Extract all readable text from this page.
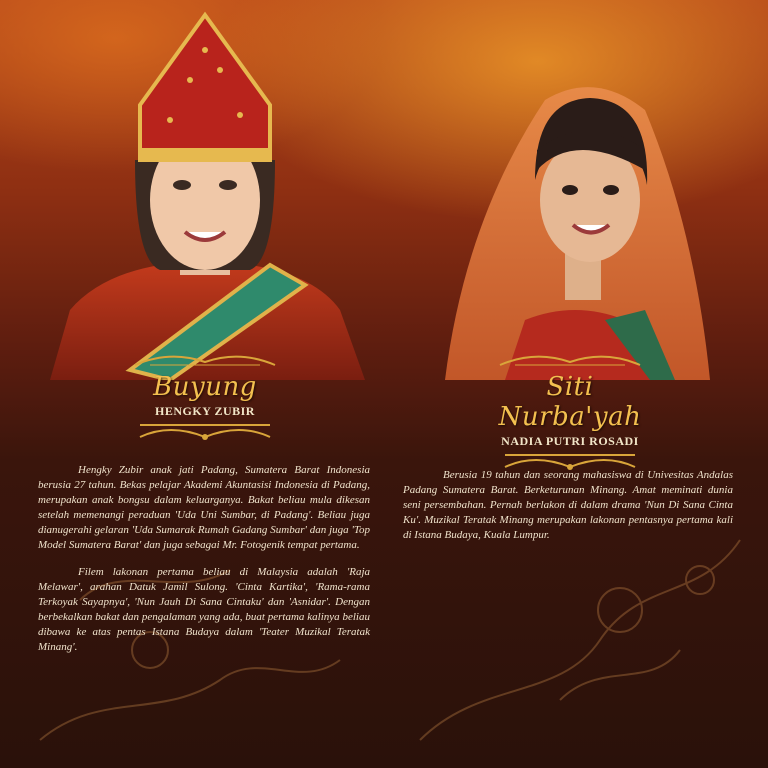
Buyung
HENGKY ZUBIR
Siti Nurba'yah
NADIA PUTRI ROSADI

Hengky Zubir anak jati Padang, Sumatera Barat Indonesia berusia 27 tahun. Bekas pelajar Akademi Akuntasisi Indonesia di Padang, merupakan anak bongsu dalam keluarganya. Bakat beliau mula dikesan setelah memenangi peraduan 'Uda Uni Sumbar, di Padang'. Beliau juga dianugerahi gelaran 'Uda Sumarak Rumah Gadang Sumbar' dan juga 'Top Model Sumatera Barat' dan juga sebagai Mr. Fotogenik tempat pertama.

Filem lakonan pertama beliau di Malaysia adalah 'Raja Melawar', arahan Datuk Jamil Sulong. 'Cinta Kartika', 'Rama-rama Terkoyak Sayapnya', 'Nun Jauh Di Sana Cintaku' dan 'Asnidar'. Dengan berbekalkan bakat dan pengalaman yang ada, buat pertama kalinya beliau dibawa ke atas pentas Istana Budaya dalam 'Teater Muzikal Teratak Minang'.

Berusia 19 tahun dan seorang mahasiswa di Univesitas Andalas Padang Sumatera Barat. Berketurunan Minang. Amat meminati dunia seni persembahan. Pernah berlakon di dalam drama 'Nun Di Sana Cinta Ku'. Muzikal Teratak Minang merupakan lakonan pentasnya pertama kali di Istana Budaya, Kuala Lumpur.
